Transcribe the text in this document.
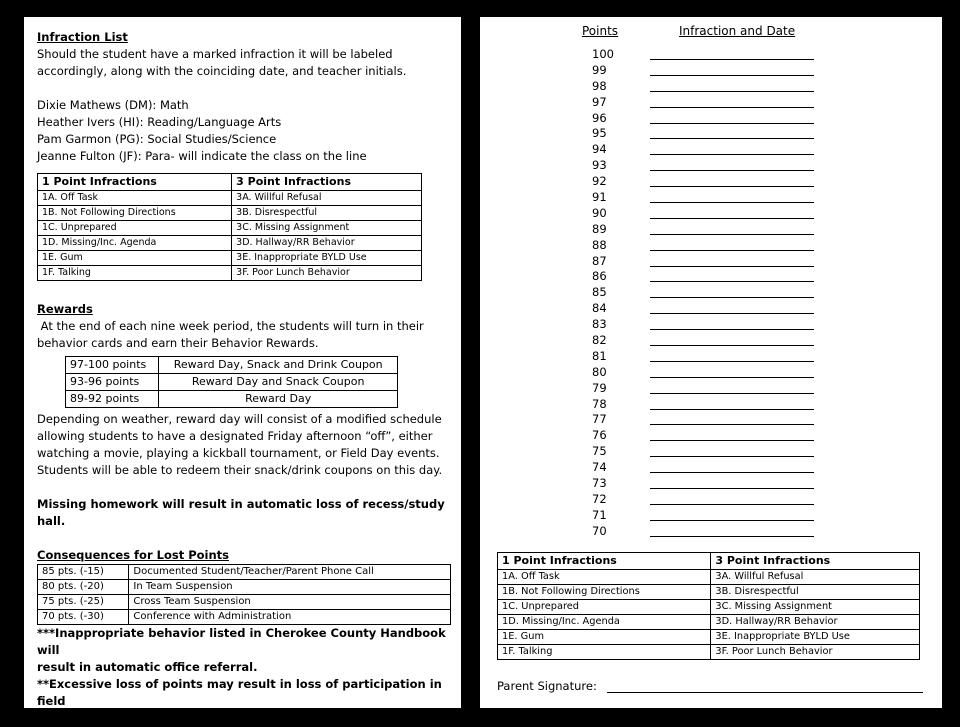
Infraction List
Should the student have a marked infraction it will be labeled
accordingly, along with the coinciding date, and teacher initials.
Dixie Mathews (DM): Math
Heather Ivers (HI): Reading/Language Arts
Pam Garmon (PG): Social Studies/Science
Jeanne Fulton (JF): Para- will indicate the class on the line
1 Point Infractions	3 Point Infractions
1A. Off Task	3A. Willful Refusal
1B. Not Following Directions	3B. Disrespectful
1C. Unprepared	3C. Missing Assignment
1D. Missing/Inc. Agenda	3D. Hallway/RR Behavior
1E. Gum	3E. Inappropriate BYLD Use
1F. Talking	3F. Poor Lunch Behavior
Rewards
At the end of each nine week period, the students will turn in their
behavior cards and earn their Behavior Rewards.
97-100 points	Reward Day, Snack and Drink Coupon
93-96 points	Reward Day and Snack Coupon
89-92 points	Reward Day
Depending on weather, reward day will consist of a modified schedule
allowing students to have a designated Friday afternoon “off”, either
watching a movie, playing a kickball tournament, or Field Day events.
Students will be able to redeem their snack/drink coupons on this day.
Missing homework will result in automatic loss of recess/study hall.
Consequences for Lost Points
85 pts. (-15)	Documented Student/Teacher/Parent Phone Call
80 pts. (-20)	In Team Suspension
75 pts. (-25)	Cross Team Suspension
70 pts. (-30)	Conference with Administration
***Inappropriate behavior listed in Cherokee County Handbook will
result in automatic office referral.
**Excessive loss of points may result in loss of participation in field
trips and end of the year activities.
Points	Infraction and Date
100
99
98
97
96
95
94
93
92
91
90
89
88
87
86
85
84
83
82
81
80
79
78
77
76
75
74
73
72
71
70
1 Point Infractions	3 Point Infractions
1A. Off Task	3A. Willful Refusal
1B. Not Following Directions	3B. Disrespectful
1C. Unprepared	3C. Missing Assignment
1D. Missing/Inc. Agenda	3D. Hallway/RR Behavior
1E. Gum	3E. Inappropriate BYLD Use
1F. Talking	3F. Poor Lunch Behavior
Parent Signature:
